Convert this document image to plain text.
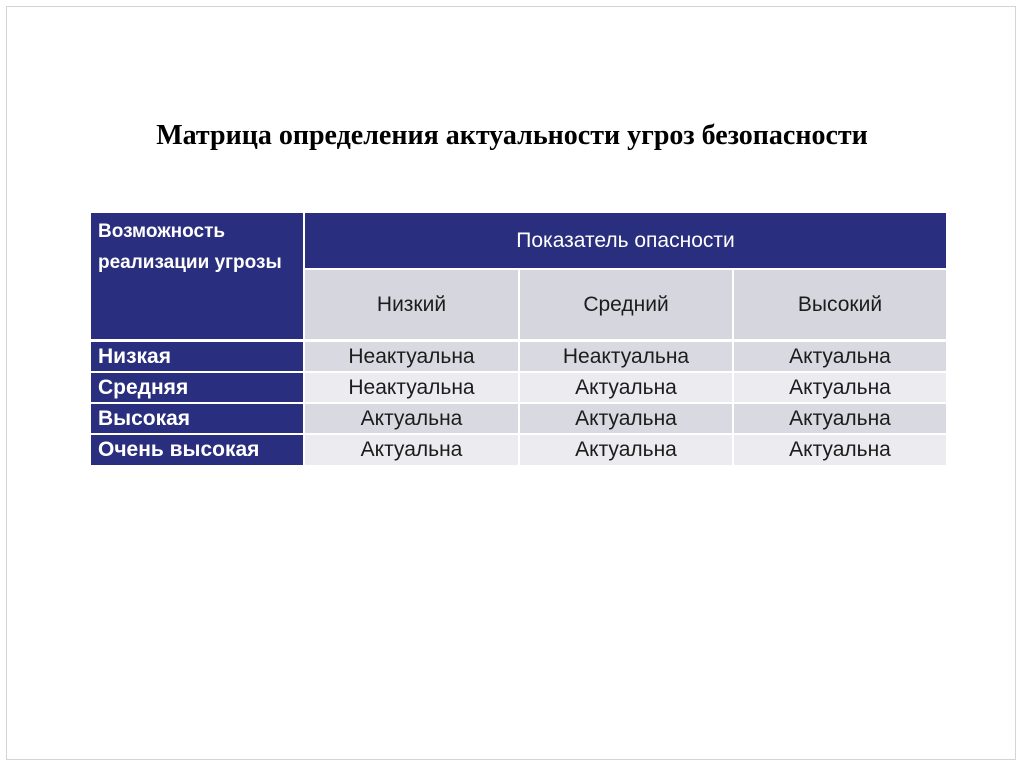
Матрица определения актуальности угроз безопасности
Возможность реализации угрозы
Показатель опасности
Низкий	Средний	Высокий
Низкая	Неактуальна	Неактуальна	Актуальна
Средняя	Неактуальна	Актуальна	Актуальна
Высокая	Актуальна	Актуальна	Актуальна
Очень высокая	Актуальна	Актуальна	Актуальна
